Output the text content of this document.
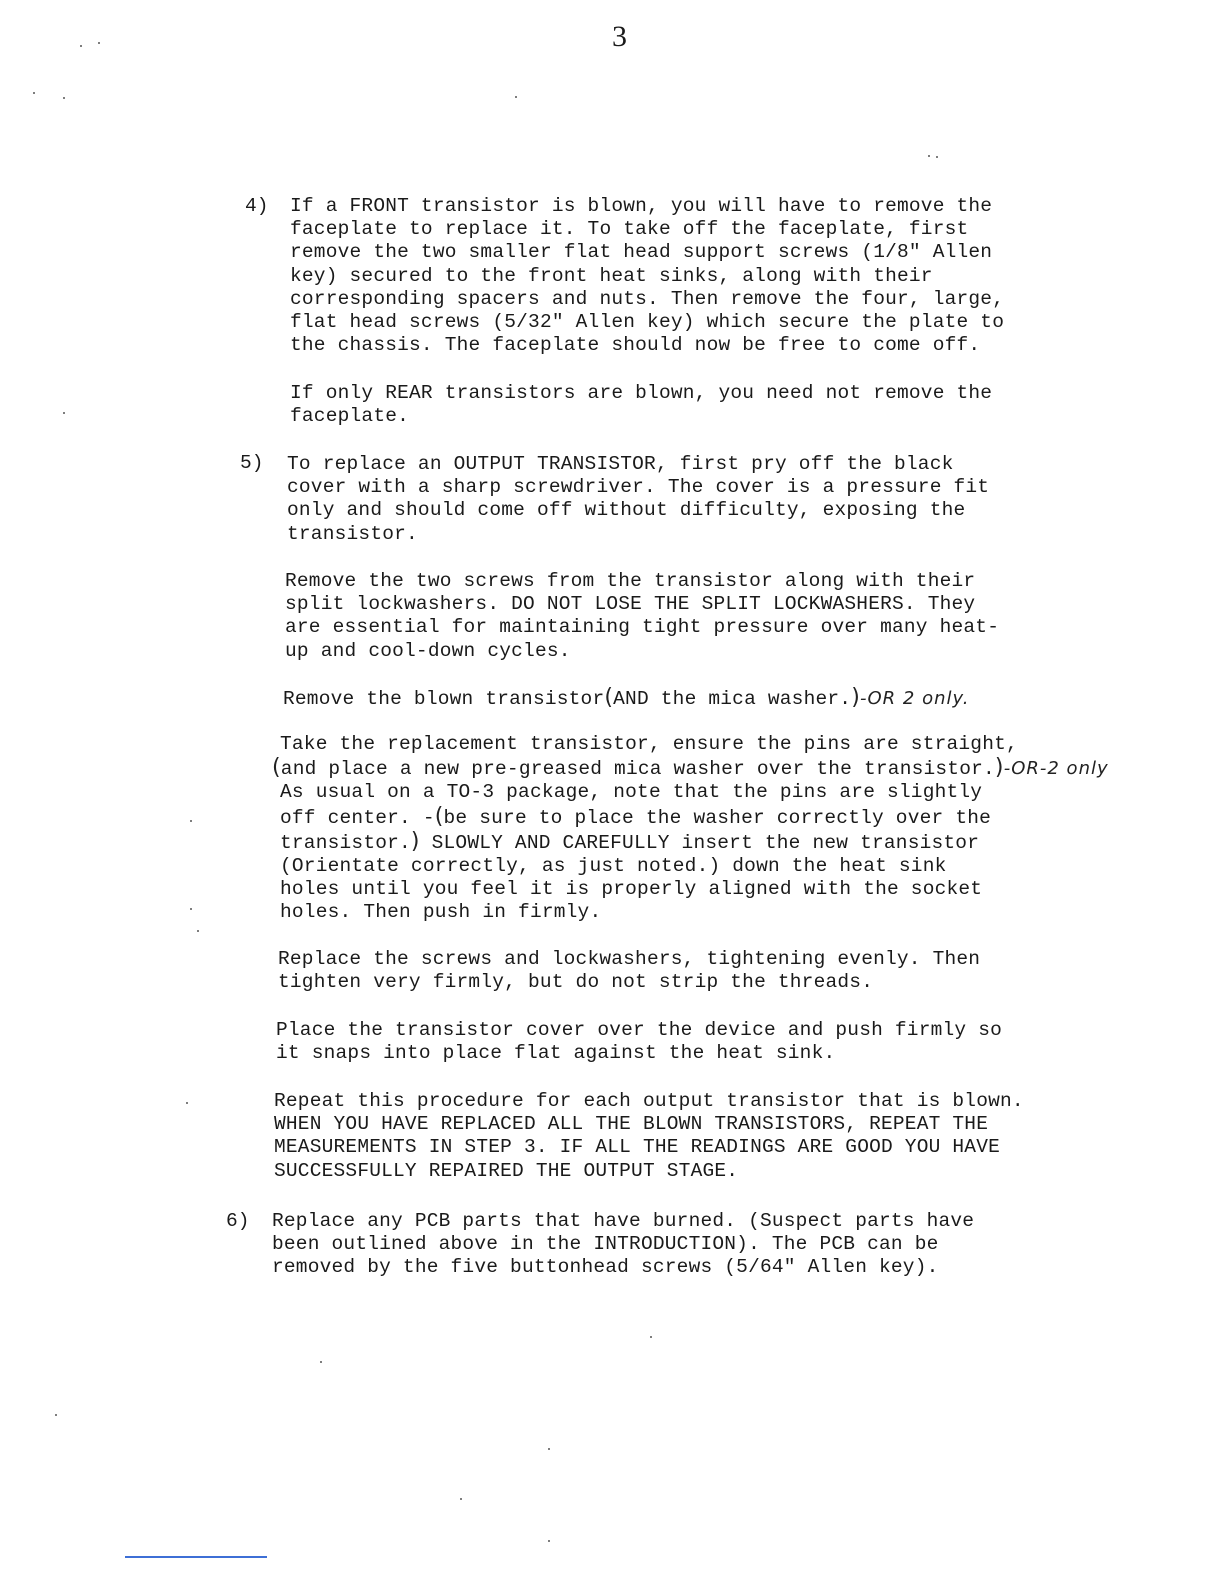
3
4) If a FRONT transistor is blown, you will have to remove the
faceplate to replace it. To take off the faceplate, first
remove the two smaller flat head support screws (1/8" Allen
key) secured to the front heat sinks, along with their
corresponding spacers and nuts. Then remove the four, large,
flat head screws (5/32" Allen key) which secure the plate to
the chassis. The faceplate should now be free to come off.
If only REAR transistors are blown, you need not remove the
faceplate.
5) To replace an OUTPUT TRANSISTOR, first pry off the black
cover with a sharp screwdriver. The cover is a pressure fit
only and should come off without difficulty, exposing the
transistor.
Remove the two screws from the transistor along with their
split lockwashers. DO NOT LOSE THE SPLIT LOCKWASHERS. They
are essential for maintaining tight pressure over many heat-
up and cool-down cycles.
Remove the blown transistor(AND the mica washer.)-OR 2 only.
Take the replacement transistor, ensure the pins are straight,
(and place a new pre-greased mica washer over the transistor.)-OR-2 only
As usual on a TO-3 package, note that the pins are slightly
off center. -(be sure to place the washer correctly over the
transistor.) SLOWLY AND CAREFULLY insert the new transistor
(Orientate correctly, as just noted.) down the heat sink
holes until you feel it is properly aligned with the socket
holes. Then push in firmly.
Replace the screws and lockwashers, tightening evenly. Then
tighten very firmly, but do not strip the threads.
Place the transistor cover over the device and push firmly so
it snaps into place flat against the heat sink.
Repeat this procedure for each output transistor that is blown.
WHEN YOU HAVE REPLACED ALL THE BLOWN TRANSISTORS, REPEAT THE
MEASUREMENTS IN STEP 3. IF ALL THE READINGS ARE GOOD YOU HAVE
SUCCESSFULLY REPAIRED THE OUTPUT STAGE.
6) Replace any PCB parts that have burned. (Suspect parts have
been outlined above in the INTRODUCTION). The PCB can be
removed by the five buttonhead screws (5/64" Allen key).
